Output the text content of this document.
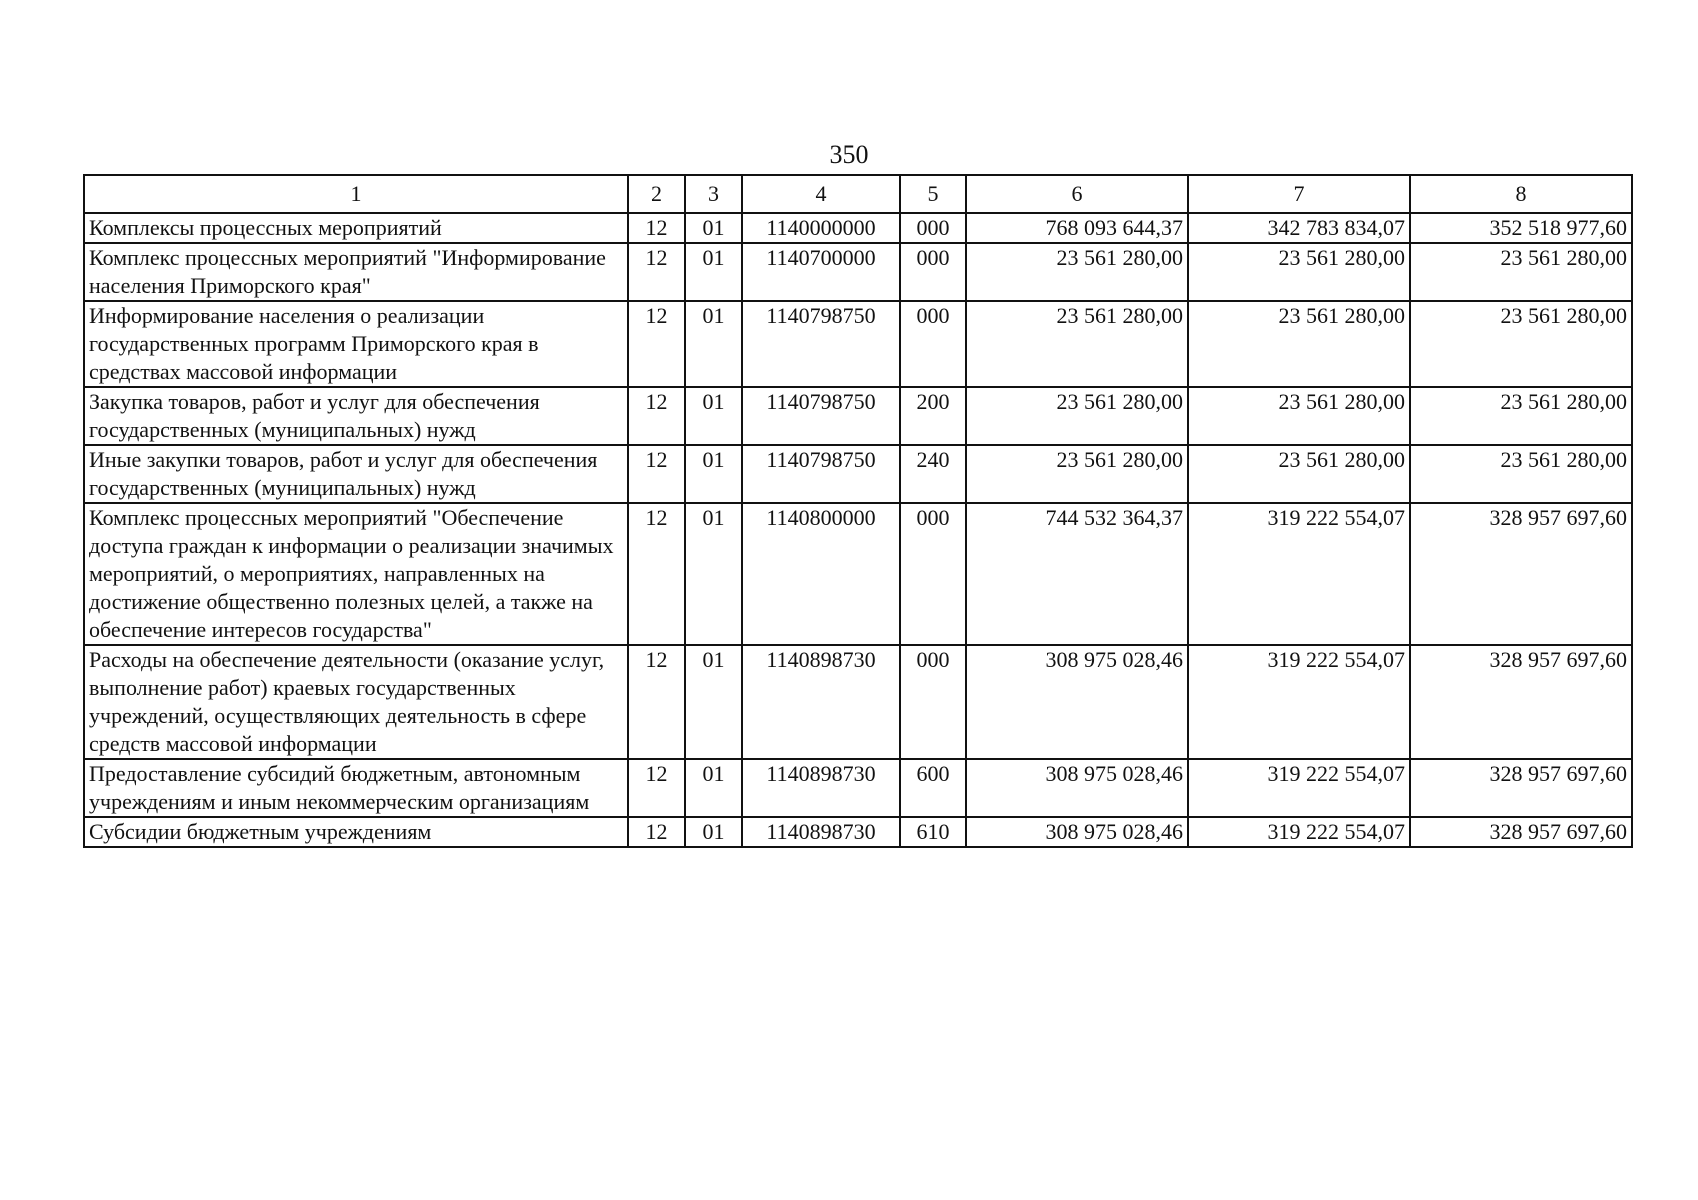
350
1	2	3	4	5	6	7	8
Комплексы процессных мероприятий	12	01	1140000000	000	768 093 644,37	342 783 834,07	352 518 977,60
Комплекс процессных мероприятий "Информирование населения Приморского края"	12	01	1140700000	000	23 561 280,00	23 561 280,00	23 561 280,00
Информирование населения о реализации государственных программ Приморского края в средствах массовой информации	12	01	1140798750	000	23 561 280,00	23 561 280,00	23 561 280,00
Закупка товаров, работ и услуг для обеспечения государственных (муниципальных) нужд	12	01	1140798750	200	23 561 280,00	23 561 280,00	23 561 280,00
Иные закупки товаров, работ и услуг для обеспечения государственных (муниципальных) нужд	12	01	1140798750	240	23 561 280,00	23 561 280,00	23 561 280,00
Комплекс процессных мероприятий "Обеспечение доступа граждан к информации о реализации значимых мероприятий, о мероприятиях, направленных на достижение общественно полезных целей, а также на обеспечение интересов государства"	12	01	1140800000	000	744 532 364,37	319 222 554,07	328 957 697,60
Расходы на обеспечение деятельности (оказание услуг, выполнение работ) краевых государственных учреждений, осуществляющих деятельность в сфере средств массовой информации	12	01	1140898730	000	308 975 028,46	319 222 554,07	328 957 697,60
Предоставление субсидий бюджетным, автономным учреждениям и иным некоммерческим организациям	12	01	1140898730	600	308 975 028,46	319 222 554,07	328 957 697,60
Субсидии бюджетным учреждениям	12	01	1140898730	610	308 975 028,46	319 222 554,07	328 957 697,60
